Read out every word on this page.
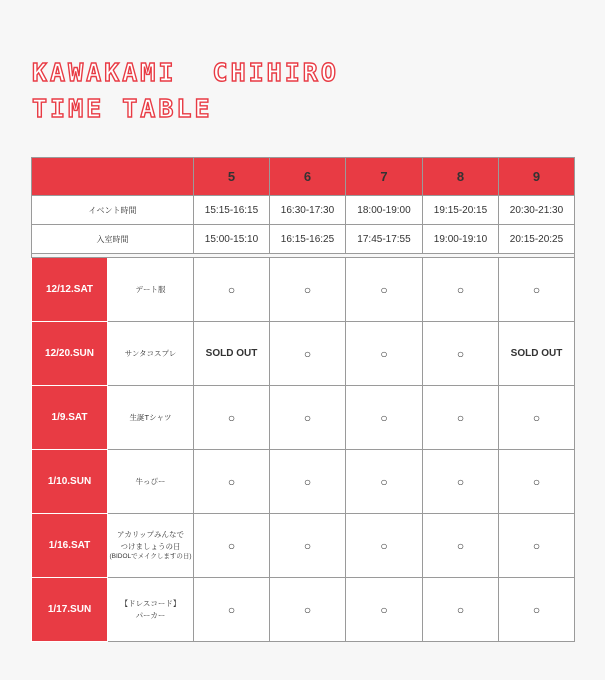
KAWAKAMI  CHIHIRO
TIME TABLE
		5	6	7	8	9
イベント時間		15:15-16:15	16:30-17:30	18:00-19:00	19:15-20:15	20:30-21:30
入室時間		15:00-15:10	16:15-16:25	17:45-17:55	19:00-19:10	20:15-20:25

12/12.SAT	デート服	○	○	○	○	○
12/20.SUN	サンタコスプレ	SOLD OUT	○	○	○	SOLD OUT
1/9.SAT	生誕Tシャツ	○	○	○	○	○
1/10.SUN	牛っぴー	○	○	○	○	○
1/16.SAT	アカリップみんなで
つけましょうの日
(BIDOLでメイクしますの日)	○	○	○	○	○
1/17.SUN	【ドレスコード】
パーカー	○	○	○	○	○
